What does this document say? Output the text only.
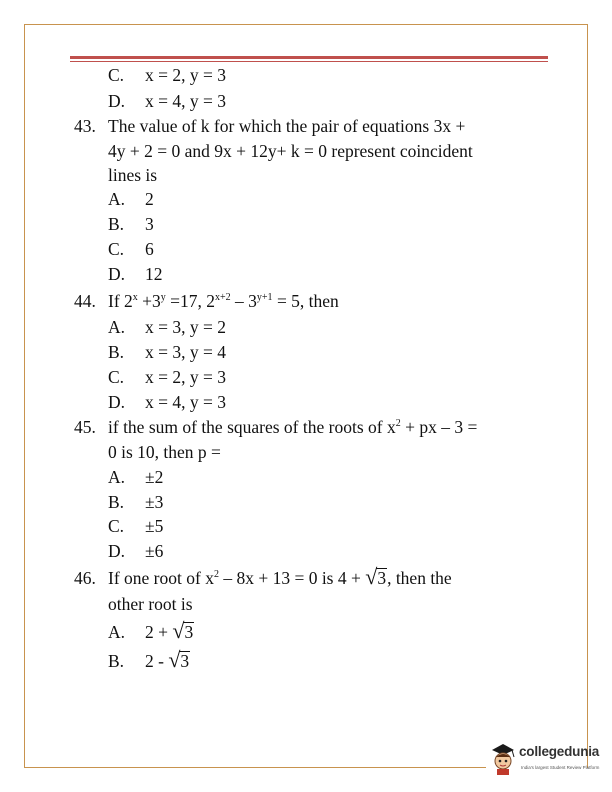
C. x = 2, y = 3
D. x = 4, y = 3
43. The value of k for which the pair of equations 3x +
4y + 2 = 0 and 9x + 12y+ k = 0 represent coincident
lines is
A. 2
B. 3
C. 6
D. 12
44. If $2^x +3^y =17$, $2^{x+2} - 3^{y+1} = 5$, then
A. x = 3, y = 2
B. x = 3, y = 4
C. x = 2, y = 3
D. x = 4, y = 3
45. if the sum of the squares of the roots of $x^2$ + px – 3 =
0 is 10, then p =
A. ±2
B. ±3
C. ±5
D. ±6
46. If one root of $x^2 - 8x + 13 = 0$ is 4 + √ 3 , then the
other root is
A. 2 + √ 3
B. 2 - √ 3
collegedunia
India's largest Student Review Platform
